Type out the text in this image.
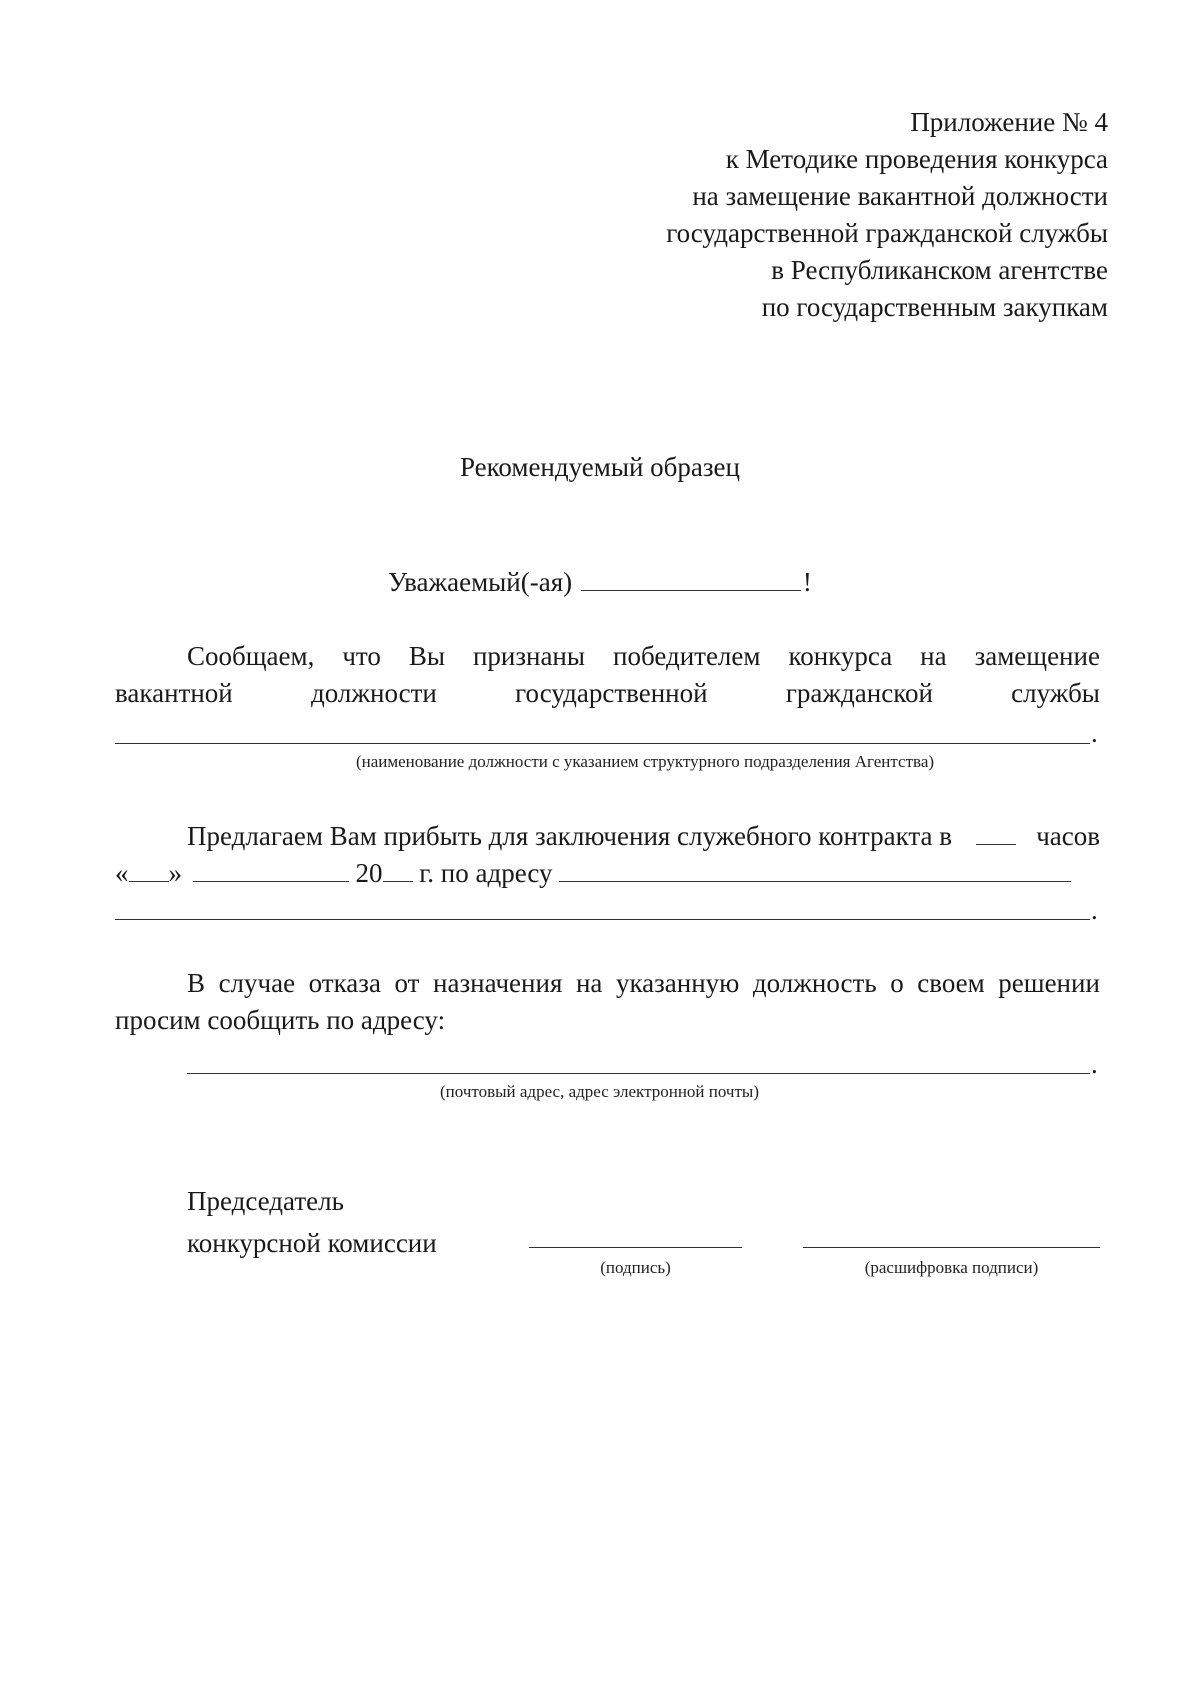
Приложение № 4
к Методике проведения конкурса
на замещение вакантной должности
государственной гражданской службы
в Республиканском агентстве
по государственным закупкам
Рекомендуемый образец
Уважаемый(-ая)	!
Сообщаем, что Вы признаны победителем конкурса на замещение
вакантной	должности	государственной	гражданской	службы
.
(наименование должности с указанием структурного подразделения Агентства)
Предлагаем Вам прибыть для заключения служебного контракта в	часов
« »	20 г. по адресу
.
В случае отказа от назначения на указанную должность о своем решении
просим сообщить по адресу:
.
(почтовый адрес, адрес электронной почты)
Председатель
конкурсной комиссии
(подпись)	(расшифровка подписи)
